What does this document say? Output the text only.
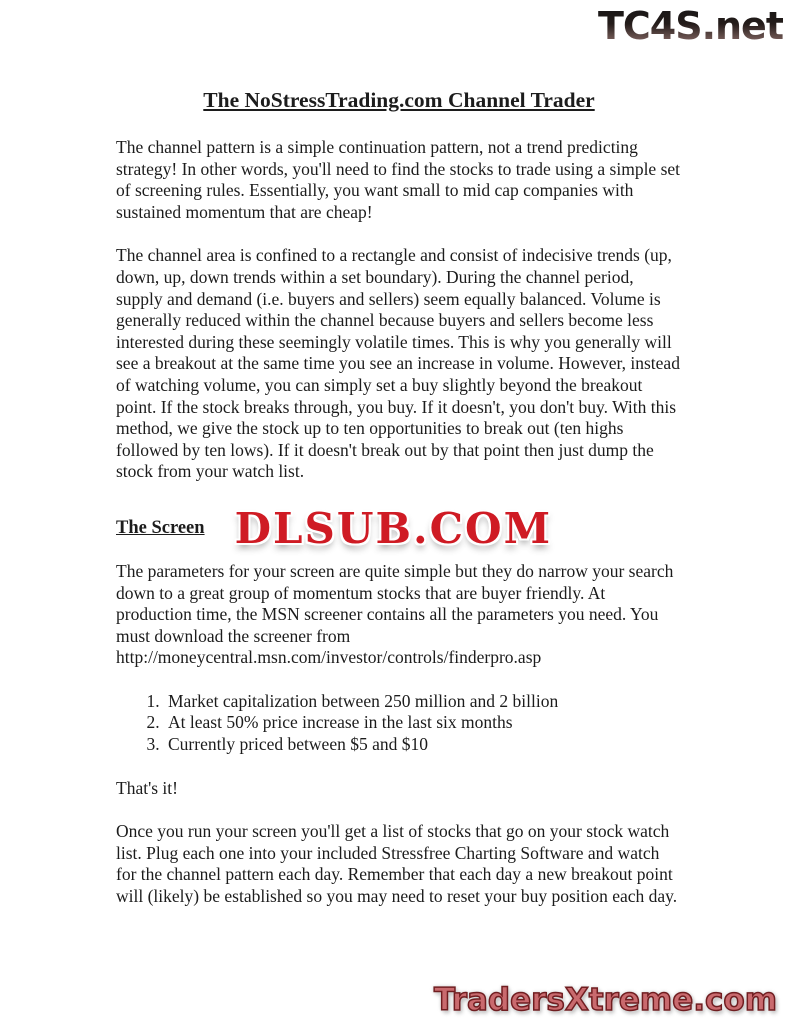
TC4S.net
The NoStressTrading.com Channel Trader

The channel pattern is a simple continuation pattern, not a trend predicting strategy! In other words, you'll need to find the stocks to trade using a simple set of screening rules. Essentially, you want small to mid cap companies with sustained momentum that are cheap!

The channel area is confined to a rectangle and consist of indecisive trends (up, down, up, down trends within a set boundary). During the channel period, supply and demand (i.e. buyers and sellers) seem equally balanced. Volume is generally reduced within the channel because buyers and sellers become less interested during these seemingly volatile times. This is why you generally will see a breakout at the same time you see an increase in volume. However, instead of watching volume, you can simply set a buy slightly beyond the breakout point. If the stock breaks through, you buy. If it doesn't, you don't buy. With this method, we give the stock up to ten opportunities to break out (ten highs followed by ten lows). If it doesn't break out by that point then just dump the stock from your watch list.

The Screen DLSUB.COM

The parameters for your screen are quite simple but they do narrow your search down to a great group of momentum stocks that are buyer friendly. At production time, the MSN screener contains all the parameters you need. You must download the screener from http://moneycentral.msn.com/investor/controls/finderpro.asp

1. Market capitalization between 250 million and 2 billion
2. At least 50% price increase in the last six months
3. Currently priced between $5 and $10

That's it!

Once you run your screen you'll get a list of stocks that go on your stock watch list. Plug each one into your included Stressfree Charting Software and watch for the channel pattern each day. Remember that each day a new breakout point will (likely) be established so you may need to reset your buy position each day.

TradersXtreme.com
